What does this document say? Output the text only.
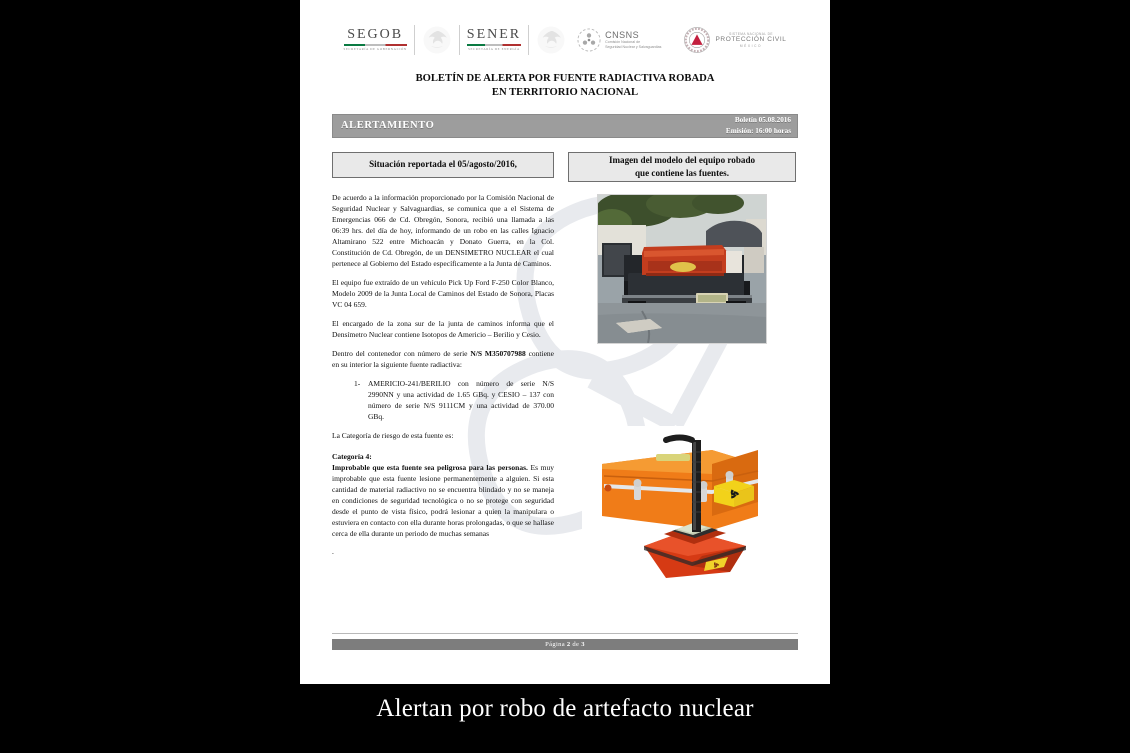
SEGOB
SECRETARÍA DE GOBERNACIÓN
SENER
SECRETARÍA DE ENERGÍA
CNSNS
Comisión Nacional de
Seguridad Nuclear y Salvaguardias
SISTEMA NACIONAL DE
PROTECCIÓN CIVIL
MÉXICO
BOLETÍN DE ALERTA POR FUENTE RADIACTIVA ROBADA
EN TERRITORIO NACIONAL
ALERTAMIENTO	Boletín 05.08.2016
Emisión: 16:00 horas
Situación reportada el 05/agosto/2016,

De acuerdo a la información proporcionado por la Comisión Nacional de Seguridad Nuclear y Salvaguardias, se comunica que a el Sistema de Emergencias 066 de Cd. Obregón, Sonora, recibió una llamada a las 06:39 hrs. del día de hoy, informando de un robo en las calles Ignacio Altamirano 522 entre Michoacán y Donato Guerra, en la Col. Constitución de Cd. Obregón, de un DENSIMETRO NUCLEAR el cual pertenece al Gobierno del Estado específicamente a la Junta de Caminos.

El equipo fue extraído de un vehículo Pick Up Ford F-250 Color Blanco, Modelo 2009 de la Junta Local de Caminos del Estado de Sonora, Placas VC 04 659.

El encargado de la zona sur de la junta de caminos informa que el Densímetro Nuclear contiene Isotopos de Americio – Berilio y Cesio.

Dentro del contenedor con número de serie N/S M350707988 contiene en su interior la siguiente fuente radiactiva:

1- AMERICIO-241/BERILIO con número de serie N/S 2990NN y una actividad de 1.65 GBq. y CESIO – 137 con número de serie N/S 9111CM y una actividad de 370.00 GBq.

La Categoría de riesgo de esta fuente es:

Categoría 4:
Improbable que esta fuente sea peligrosa para las personas. Es muy improbable que esta fuente lesione permanentemente a alguien. Si esta cantidad de material radiactivo no se encuentra blindado y no se maneja en condiciones de seguridad tecnológica o no se protege con seguridad desde el punto de vista físico, podrá lesionar a quien la manipulara o estuviera en contacto con ella durante horas prolongadas, o que se hallase cerca de ella durante un periodo de muchas semanas

.
Imagen del modelo del equipo robado
que contiene las fuentes.
Página 2 de 3
Alertan por robo de artefacto nuclear
